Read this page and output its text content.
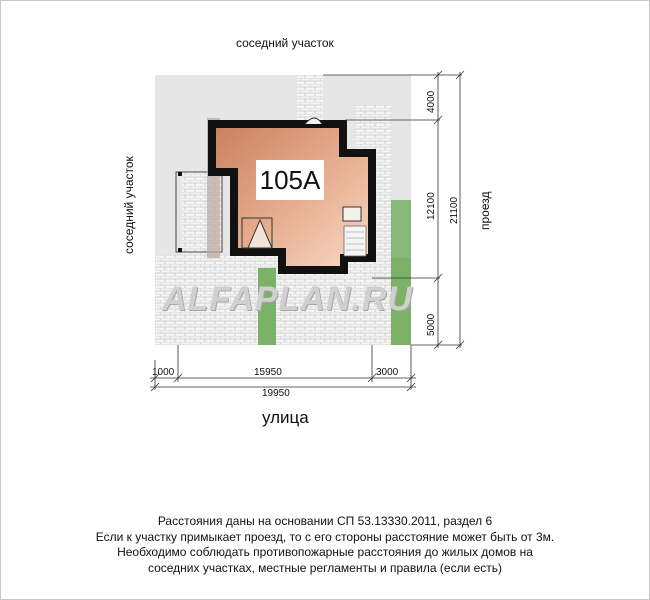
105А
ALFAPLAN.RU
соседний участок
соседний участок	проезд
4000
12100 21100
5000
1000	15950	3000
19950
улица
Расстояния даны на основании СП 53.13330.2011, раздел 6
Если к участку примыкает проезд, то с его стороны расстояние может быть от 3м.
Необходимо соблюдать противопожарные расстояния до жилых домов на
соседних участках, местные регламенты и правила (если есть)
